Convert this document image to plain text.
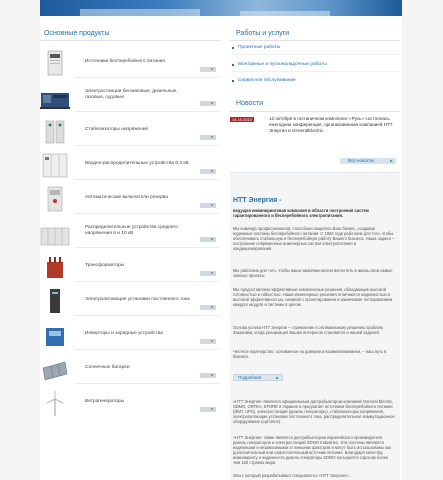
Основные продукты
Источники бесперебойного питания
Электростанции бензиновые, дизельные, газовые, судовые
Стабилизаторы напряжения
Вводно-распределительные устройства 0,4 кВ
Автоматические включатели резерва
Распределительные устройства среднего напряжения 6 и 10 кВ
Трансформаторы
Электропитающие установки постоянного тока
Инверторы и зарядные устройства
Солнечные батареи
Ветрогенераторы
Работы и услуги
Проектные работы
Монтажные и пусконаладочные работы
Сервисное обслуживание
Новости
14.10.2010	12 октября в гостиничном комплексе «Русь» состоялась ежегодная конференция, организованная компанией НТТ Энергия и GeneralElectric.
Все новости
НТТ Энергия -
ведущая инжиниринговая компания в области построения систем гарантированного и бесперебойного электропитания.
Мы команда профессионалов, способная защитить Ваш бизнес, создавая надежные системы бесперебойного питания. С 1994 года работаем для того, чтобы обеспечивать стабильную и бесперебойную работу Вашего бизнеса. Наша задача – построение современных инженерных систем электропитания и кондиционирования.
Мы работаем для того, чтобы наши заказчики могли воплотить в жизнь свои самые смелые проекты.
Мы предоставляем эффективные комплексные решения, обладающие высокой готовностью и гибкостью. Наши инженерные решения отличаются надежностью и высокой эффективностью, начиная с проектирования и заканчивая тестированием каждого модуля и системы в целом.
Основа успеха НТТ Энергия – стремление к оптимальному решению проблем Заказчика, когда реализация Ваших интересов становится и нашей задачей.
Честное партнерство, основанное на доверии и взаимопонимании, – наш путь в бизнесе.
Подробнее
«НТТ Энергия» является официальным дистрибьютором компаний General Electric, SDMO, ORTEA, EFORE в Украине и предлагает источники бесперебойного питания (ИБП, UPS), электростанции (дизель генераторы), стабилизаторы напряжения, электропитающие установки постоянного тока, распределительное коммутационное оборудование (щитовое).
«НТТ Энергия» также является дистрибьютором европейского производителя дизель генераторов и электростанций SDMO Industries. Эти системы являются надежными и независимыми от внешних факторов и могут быть использованы как дополнительный или самостоятельный источник питания. Благодаря качеству, инжинирингу и надежности дизель генераторы SDMO пользуются спросом более чем 150 странах мира.
Опыт, который разрабатывают специалисты «НТТ Энергия»...
